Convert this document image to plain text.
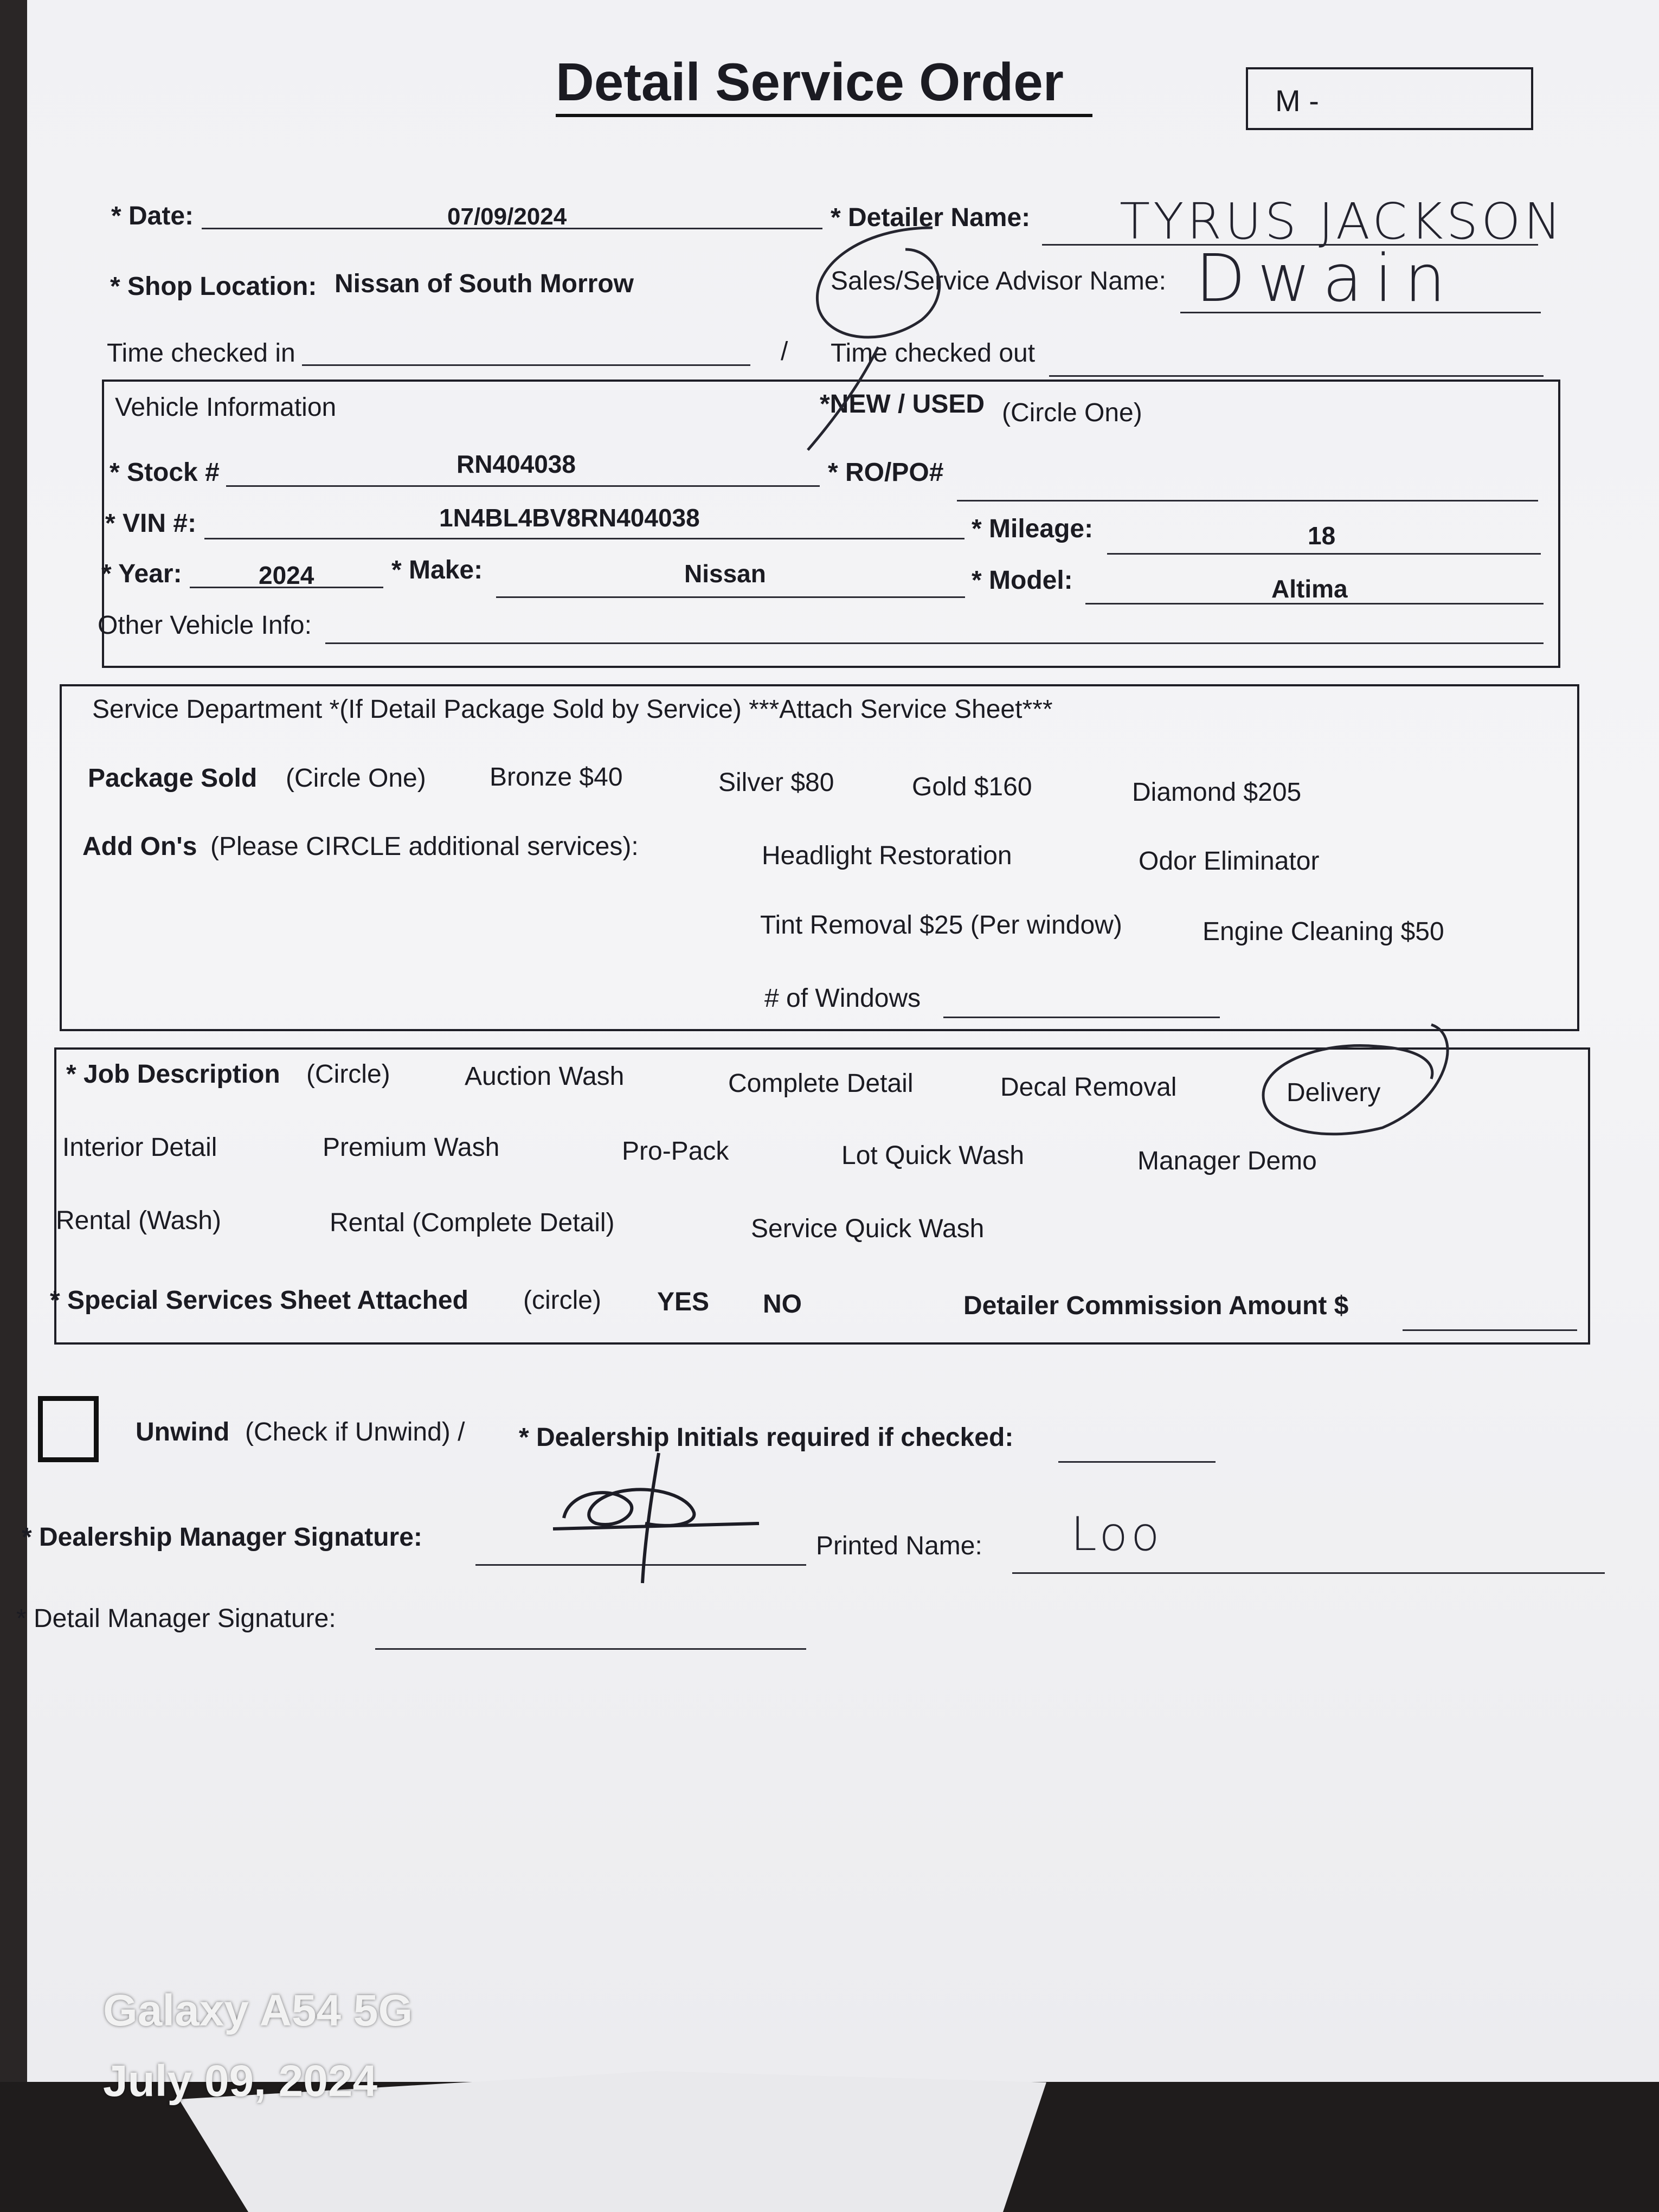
Detail Service Order	M -
* Date:	07/09/2024	* Detailer Name: TYRUS JACKSON
* Shop Location: Nissan of South Morrow	Sales/Service Advisor Name: Dwain
Time checked in	/ Time checked out
Vehicle Information	*NEW / USED (Circle One)
* Stock #	RN404038	* RO/PO#
* VIN #:	1N4BL4BV8RN404038	* Mileage:	18
* Year:	2024	* Make:	Nissan	* Model:	Altima
Other Vehicle Info:
Service Department *(If Detail Package Sold by Service) ***Attach Service Sheet***
Package Sold (Circle One) Bronze $40	Silver $80	Gold $160	Diamond $205
Add On's (Please CIRCLE additional services):	Headlight Restoration	Odor Eliminator
Tint Removal $25 (Per window)	Engine Cleaning $50
# of Windows
* Job Description (Circle)	Auction Wash	Complete Detail	Decal Removal	Delivery
Interior Detail	Premium Wash	Pro-Pack	Lot Quick Wash	Manager Demo
Rental (Wash)	Rental (Complete Detail)	Service Quick Wash
* Special Services Sheet Attached (circle) YES NO	Detailer Commission Amount $
Unwind (Check if Unwind) / * Dealership Initials required if checked:
* Dealership Manager Signature:	Printed Name: Loo
* Detail Manager Signature:
Galaxy A54 5G
July 09, 2024
